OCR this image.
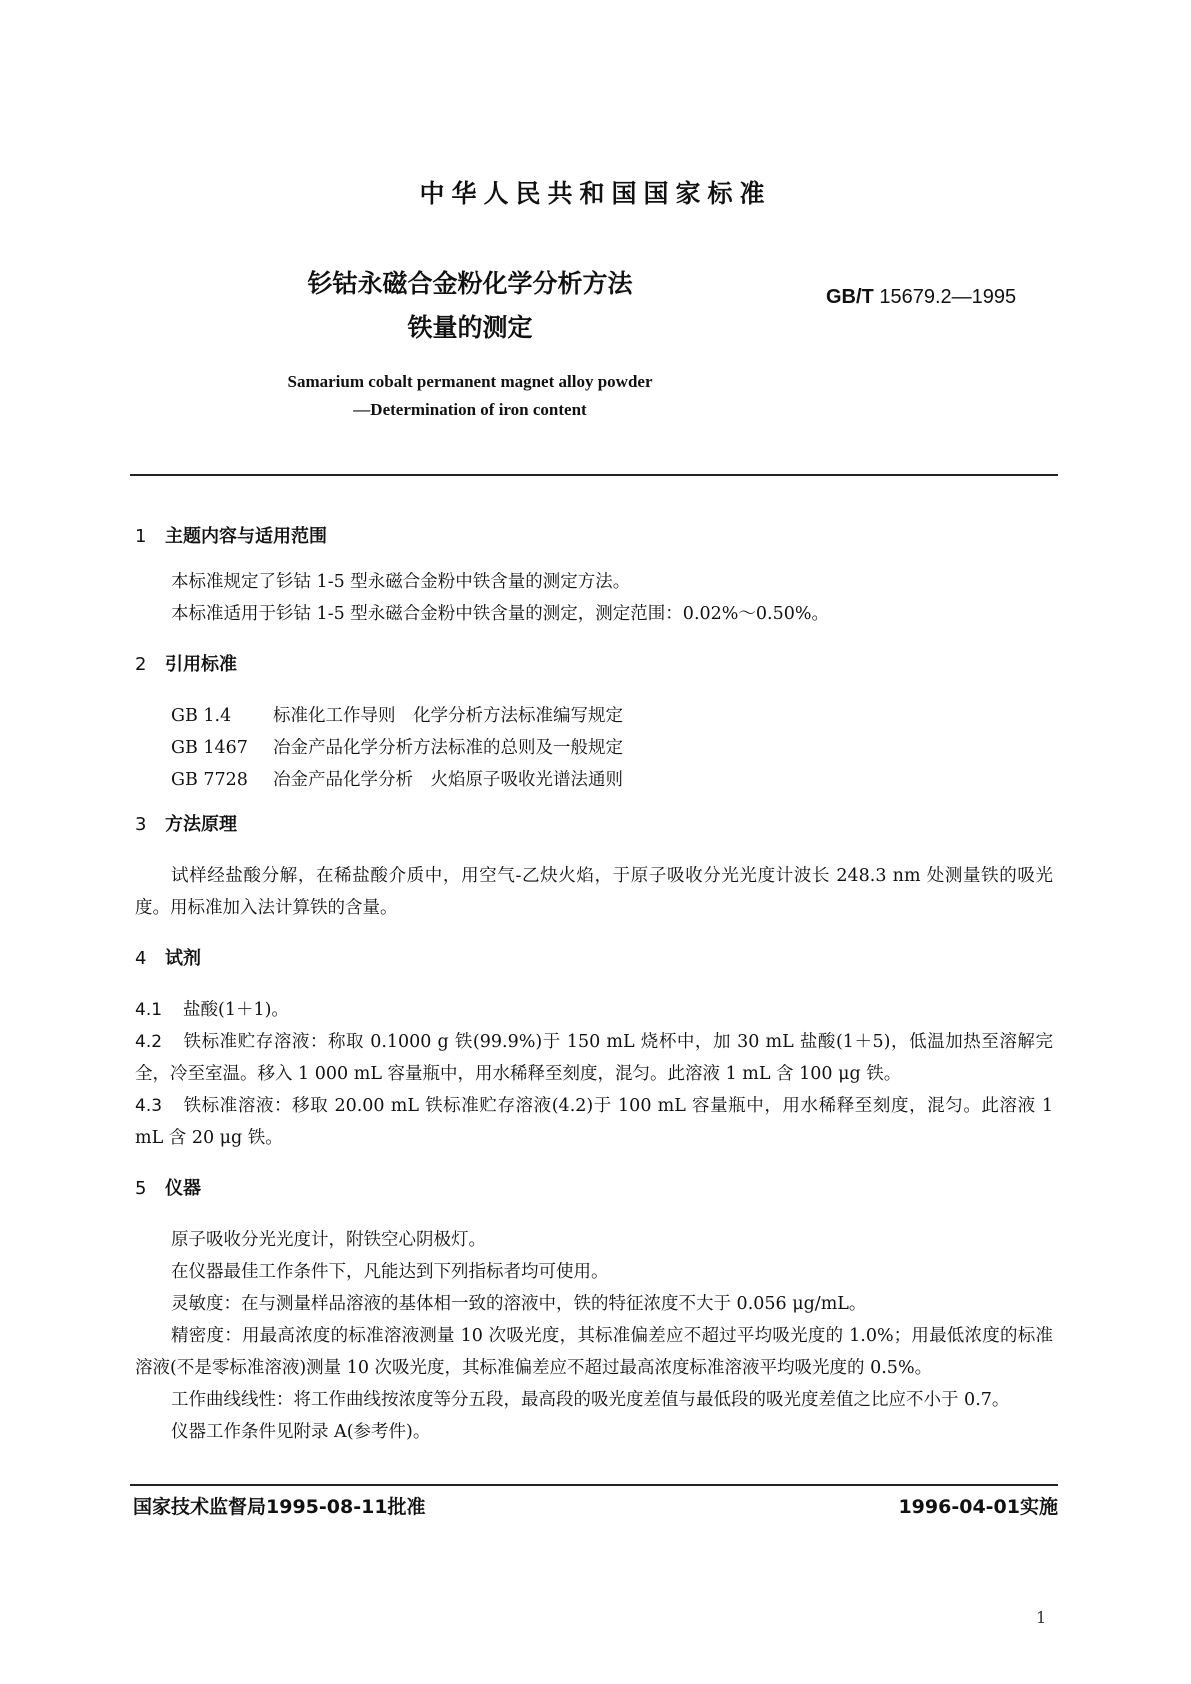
中华人民共和国国家标准
钐钴永磁合金粉化学分析方法
铁量的测定
GB/T 15679.2—1995
Samarium cobalt permanent magnet alloy powder
—Determination of iron content
1 主题内容与适用范围
本标准规定了钐钴 1-5 型永磁合金粉中铁含量的测定方法。
本标准适用于钐钴 1-5 型永磁合金粉中铁含量的测定，测定范围：0.02%～0.50%。
2 引用标准
GB 1.4 标准化工作导则　化学分析方法标准编写规定
GB 1467 冶金产品化学分析方法标准的总则及一般规定
GB 7728 冶金产品化学分析　火焰原子吸收光谱法通则
3 方法原理
试样经盐酸分解，在稀盐酸介质中，用空气-乙炔火焰，于原子吸收分光光度计波长 248.3 nm 处测量铁的吸光度。用标准加入法计算铁的含量。
4 试剂
4.1 盐酸(1＋1)。
4.2 铁标准贮存溶液：称取 0.1000 g 铁(99.9%)于 150 mL 烧杯中，加 30 mL 盐酸(1＋5)，低温加热至溶解完全，冷至室温。移入 1 000 mL 容量瓶中，用水稀释至刻度，混匀。此溶液 1 mL 含 100 μg 铁。
4.3 铁标准溶液：移取 20.00 mL 铁标准贮存溶液(4.2)于 100 mL 容量瓶中，用水稀释至刻度，混匀。此溶液 1 mL 含 20 μg 铁。
5 仪器
原子吸收分光光度计，附铁空心阴极灯。
在仪器最佳工作条件下，凡能达到下列指标者均可使用。
灵敏度：在与测量样品溶液的基体相一致的溶液中，铁的特征浓度不大于 0.056 μg/mL。
精密度：用最高浓度的标准溶液测量 10 次吸光度，其标准偏差应不超过平均吸光度的 1.0%；用最低浓度的标准溶液(不是零标准溶液)测量 10 次吸光度，其标准偏差应不超过最高浓度标准溶液平均吸光度的 0.5%。
工作曲线线性：将工作曲线按浓度等分五段，最高段的吸光度差值与最低段的吸光度差值之比应不小于 0.7。
仪器工作条件见附录 A(参考件)。
国家技术监督局1995-08-11批准	1996-04-01实施
1
